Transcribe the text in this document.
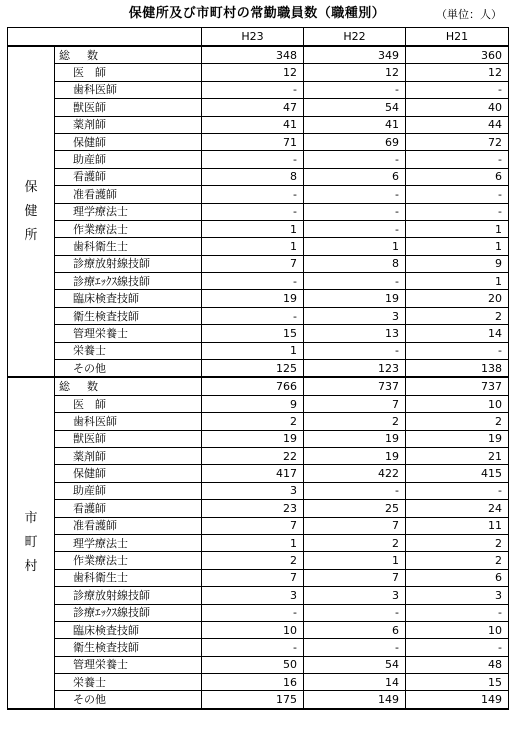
保健所及び市町村の常勤職員数（職種別）	（単位：人）
		H23	H22	H21

保
健
所	総　数	348	349	360
	医　師	12	12	12
	歯科医師	-	-	-
	獣医師	47	54	40
	薬剤師	41	41	44
	保健師	71	69	72
	助産師	-	-	-
	看護師	8	6	6
	准看護師	-	-	-
	理学療法士	-	-	-
	作業療法士	1	-	1
	歯科衛生士	1	1	1
	診療放射線技師	7	8	9
	診療ｴｯｸｽ線技師	-	-	1
	臨床検査技師	19	19	20
	衛生検査技師	-	3	2
	管理栄養士	15	13	14
	栄養士	1	-	-
	その他	125	123	138

市
町
村	総　数	766	737	737
	医　師	9	7	10
	歯科医師	2	2	2
	獣医師	19	19	19
	薬剤師	22	19	21
	保健師	417	422	415
	助産師	3	-	-
	看護師	23	25	24
	准看護師	7	7	11
	理学療法士	1	2	2
	作業療法士	2	1	2
	歯科衛生士	7	7	6
	診療放射線技師	3	3	3
	診療ｴｯｸｽ線技師	-	-	-
	臨床検査技師	10	6	10
	衛生検査技師	-	-	-
	管理栄養士	50	54	48
	栄養士	16	14	15
	その他	175	149	149
